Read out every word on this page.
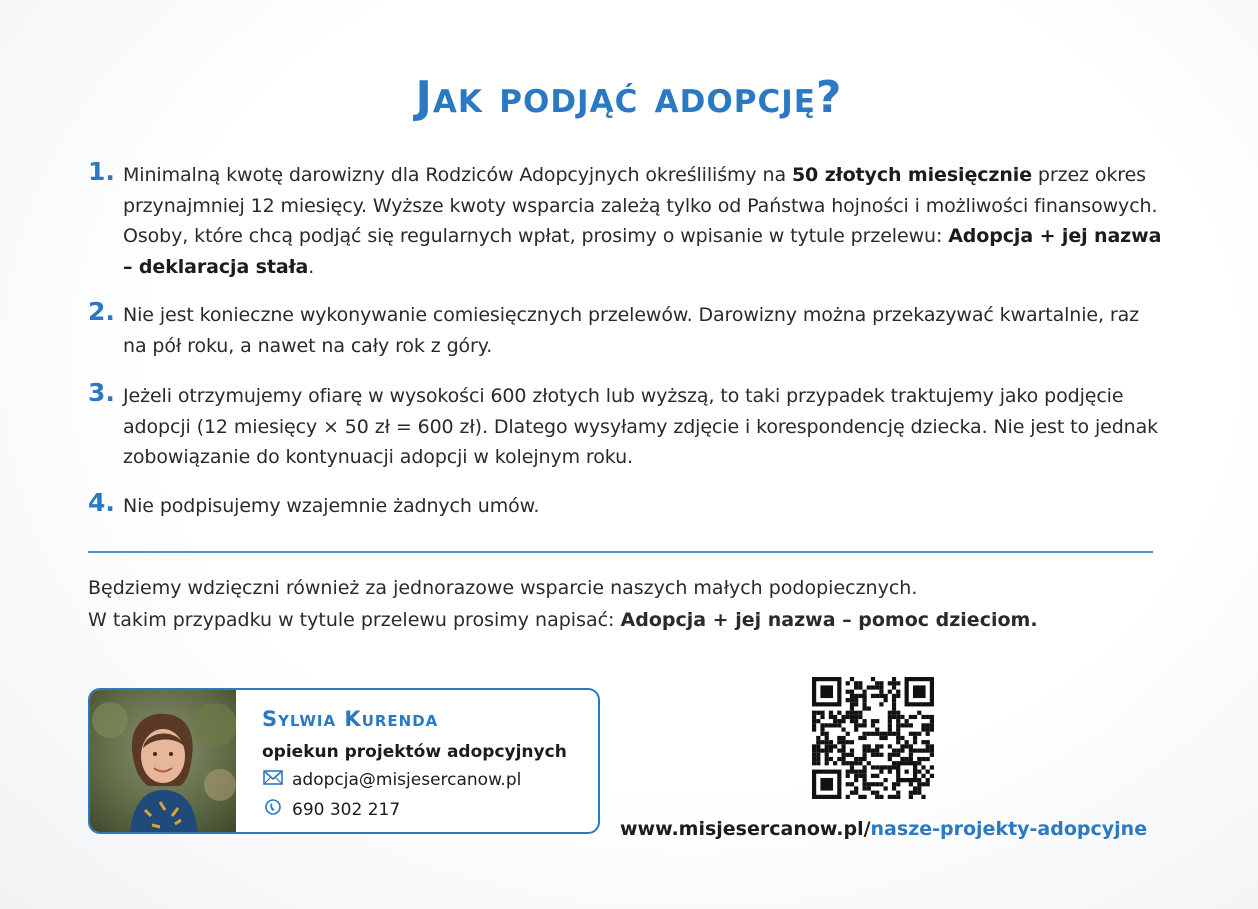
Jak podjąć adopcję?
1. Minimalną kwotę darowizny dla Rodziców Adopcyjnych określiliśmy na 50 złotych miesięcznie przez okres przynajmniej 12 miesięcy. Wyższe kwoty wsparcia zależą tylko od Państwa hojności i możliwości finansowych. Osoby, które chcą podjąć się regularnych wpłat, prosimy o wpisanie w tytule przelewu: Adopcja + jej nazwa – deklaracja stała.
2. Nie jest konieczne wykonywanie comiesięcznych przelewów. Darowizny można przekazywać kwartalnie, raz na pół roku, a nawet na cały rok z góry.
3. Jeżeli otrzymujemy ofiarę w wysokości 600 złotych lub wyższą, to taki przypadek traktujemy jako podjęcie adopcji (12 miesięcy × 50 zł = 600 zł). Dlatego wysyłamy zdjęcie i korespondencję dziecka. Nie jest to jednak zobowiązanie do kontynuacji adopcji w kolejnym roku.
4. Nie podpisujemy wzajemnie żadnych umów.
Będziemy wdzięczni również za jednorazowe wsparcie naszych małych podopiecznych.
W takim przypadku w tytule przelewu prosimy napisać: Adopcja + jej nazwa – pomoc dzieciom.
Sylwia Kurenda
opiekun projektów adopcyjnych
adopcja@misjesercanow.pl
690 302 217
www.misjesercanow.pl/nasze-projekty-adopcyjne
